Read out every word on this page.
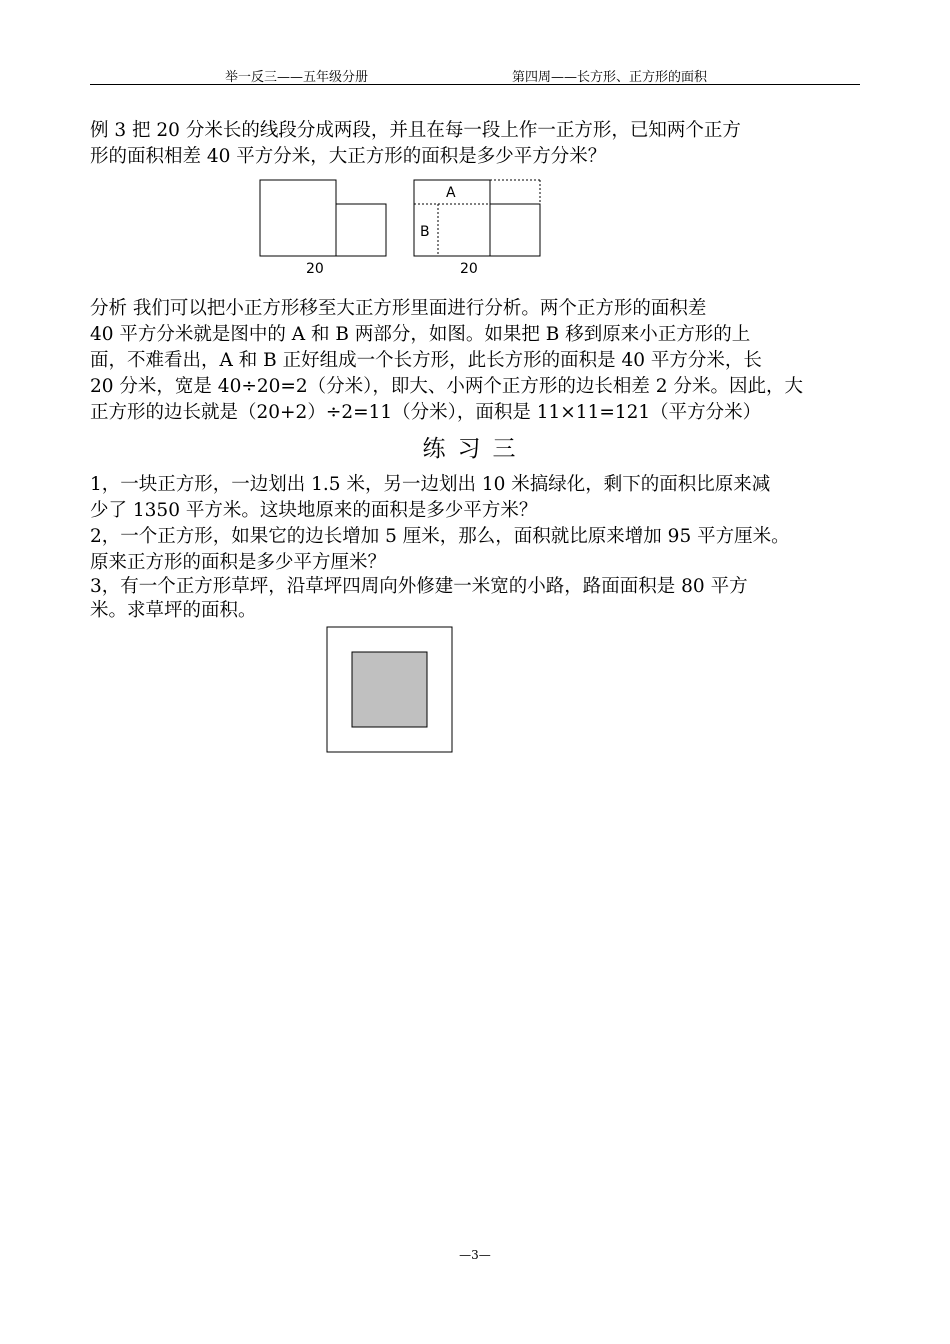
举一反三——五年级分册	第四周——长方形、正方形的面积

例 3 把 20 分米长的线段分成两段，并且在每一段上作一正方形，已知两个正方

形的面积相差 40 平方分米，大正方形的面积是多少平方分米？

20
A
B
20

分析 我们可以把小正方形移至大正方形里面进行分析。两个正方形的面积差

40 平方分米就是图中的 A 和 B 两部分，如图。如果把 B 移到原来小正方形的上

面，不难看出，A 和 B 正好组成一个长方形，此长方形的面积是 40 平方分米，长

20 分米，宽是 40÷20=2（分米），即大、小两个正方形的边长相差 2 分米。因此，大

正方形的边长就是（20+2）÷2=11（分米），面积是 11×11=121（平方分米）

练习三

1，一块正方形，一边划出 1.5 米，另一边划出 10 米搞绿化，剩下的面积比原来减

少了 1350 平方米。这块地原来的面积是多少平方米？

2，一个正方形，如果它的边长增加 5 厘米，那么，面积就比原来增加 95 平方厘米。

原来正方形的面积是多少平方厘米？

3，有一个正方形草坪，沿草坪四周向外修建一米宽的小路，路面面积是 80 平方

米。求草坪的面积。

—3—
